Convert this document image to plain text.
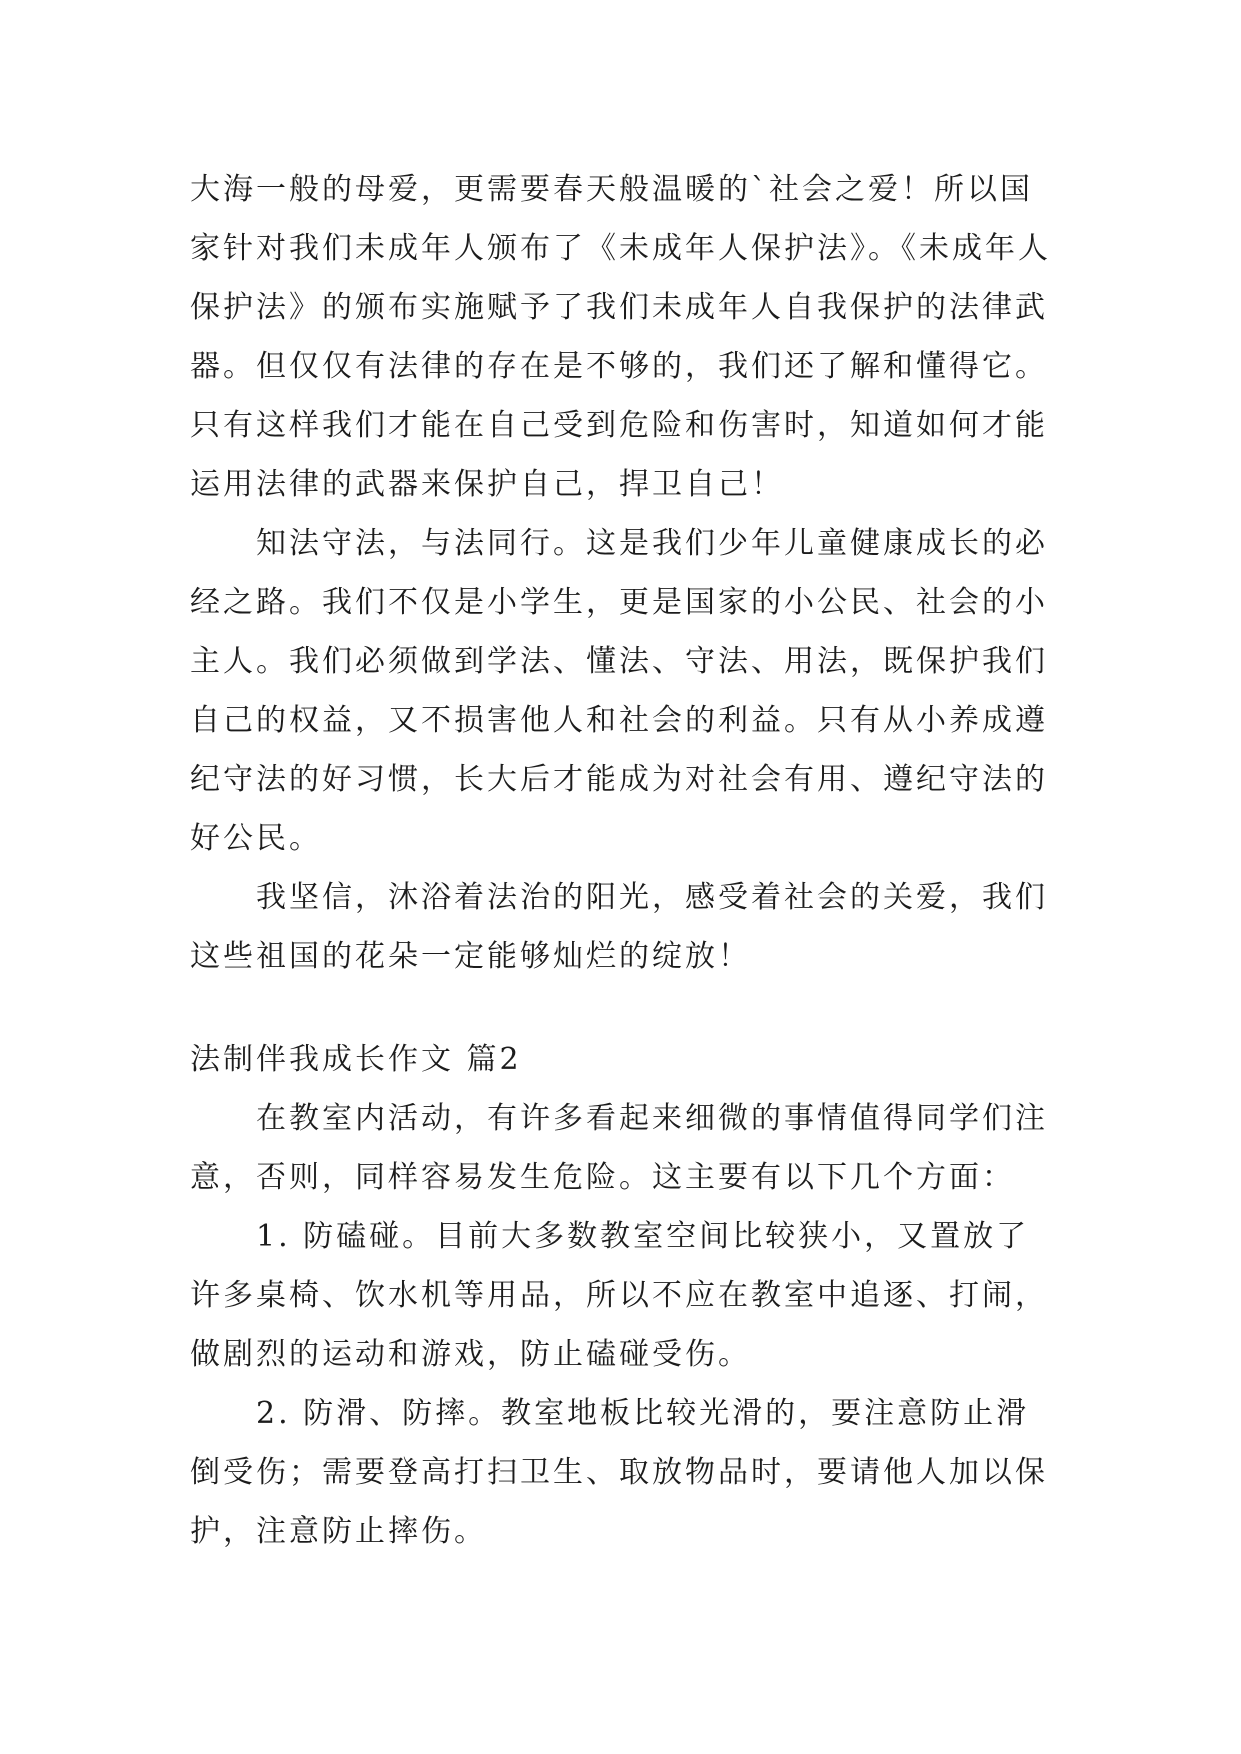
大海一般的母爱，更需要春天般温暖的`社会之爱！所以国
家针对我们未成年人颁布了《未成年人保护法》。《未成年人
保护法》的颁布实施赋予了我们未成年人自我保护的法律武
器。但仅仅有法律的存在是不够的，我们还了解和懂得它。
只有这样我们才能在自己受到危险和伤害时，知道如何才能
运用法律的武器来保护自己，捍卫自己！
知法守法，与法同行。这是我们少年儿童健康成长的必
经之路。我们不仅是小学生，更是国家的小公民、社会的小
主人。我们必须做到学法、懂法、守法、用法，既保护我们
自己的权益，又不损害他人和社会的利益。只有从小养成遵
纪守法的好习惯，长大后才能成为对社会有用、遵纪守法的
好公民。
我坚信，沐浴着法治的阳光，感受着社会的关爱，我们
这些祖国的花朵一定能够灿烂的绽放！
法制伴我成长作文 篇2
在教室内活动，有许多看起来细微的事情值得同学们注
意，否则，同样容易发生危险。这主要有以下几个方面：
1. 防磕碰。目前大多数教室空间比较狭小，又置放了
许多桌椅、饮水机等用品，所以不应在教室中追逐、打闹，
做剧烈的运动和游戏，防止磕碰受伤。
2. 防滑、防摔。教室地板比较光滑的，要注意防止滑
倒受伤；需要登高打扫卫生、取放物品时，要请他人加以保
护，注意防止摔伤。
